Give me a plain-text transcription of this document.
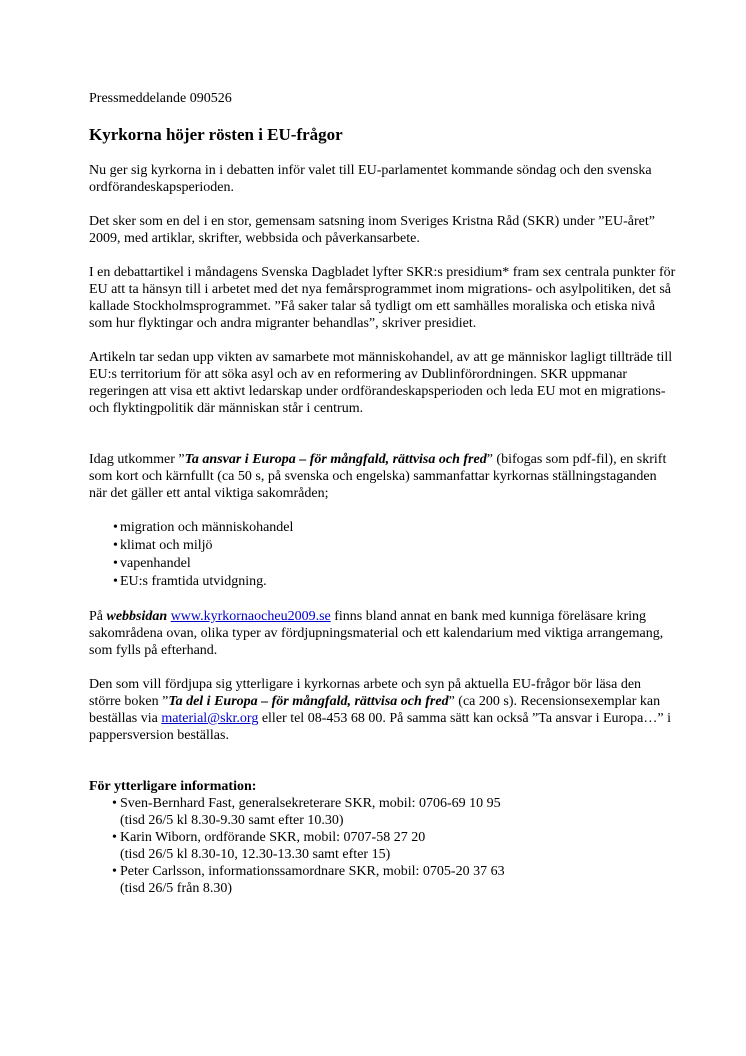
Pressmeddelande 090526

Kyrkorna höjer rösten i EU-frågor

Nu ger sig kyrkorna in i debatten inför valet till EU-parlamentet kommande söndag och den svenska ordförandeskapsperioden.

Det sker som en del i en stor, gemensam satsning inom Sveriges Kristna Råd (SKR) under ”EU-året” 2009, med artiklar, skrifter, webbsida och påverkansarbete.

I en debattartikel i måndagens Svenska Dagbladet lyfter SKR:s presidium* fram sex centrala punkter för EU att ta hänsyn till i arbetet med det nya femårsprogrammet inom migrations- och asylpolitiken, det så kallade Stockholmsprogrammet. ”Få saker talar så tydligt om ett samhälles moraliska och etiska nivå som hur flyktingar och andra migranter behandlas”, skriver presidiet.

Artikeln tar sedan upp vikten av samarbete mot människohandel, av att ge människor lagligt tillträde till EU:s territorium för att söka asyl och av en reformering av Dublinförordningen. SKR uppmanar regeringen att visa ett aktivt ledarskap under ordförandeskapsperioden och leda EU mot en migrations- och flyktingpolitik där människan står i centrum.

Idag utkommer ”Ta ansvar i Europa – för mångfald, rättvisa och fred” (bifogas som pdf-fil), en skrift som kort och kärnfullt (ca 50 s, på svenska och engelska) sammanfattar kyrkornas ställningstaganden när det gäller ett antal viktiga sakområden;

• migration och människohandel
• klimat och miljö
• vapenhandel
• EU:s framtida utvidgning.

På webbsidan www.kyrkornaocheu2009.se finns bland annat en bank med kunniga föreläsare kring sakområdena ovan, olika typer av fördjupningsmaterial och ett kalendarium med viktiga arrangemang, som fylls på efterhand.

Den som vill fördjupa sig ytterligare i kyrkornas arbete och syn på aktuella EU-frågor bör läsa den större boken ”Ta del i Europa – för mångfald, rättvisa och fred” (ca 200 s). Recensionsexemplar kan beställas via material@skr.org eller tel 08-453 68 00. På samma sätt kan också ”Ta ansvar i Europa…” i pappersversion beställas.

För ytterligare information:

• Sven-Bernhard Fast, generalsekreterare SKR, mobil: 0706-69 10 95
(tisd 26/5 kl 8.30-9.30 samt efter 10.30)
• Karin Wiborn, ordförande SKR, mobil: 0707-58 27 20
(tisd 26/5 kl 8.30-10, 12.30-13.30 samt efter 15)
• Peter Carlsson, informationssamordnare SKR, mobil: 0705-20 37 63
(tisd 26/5 från 8.30)
